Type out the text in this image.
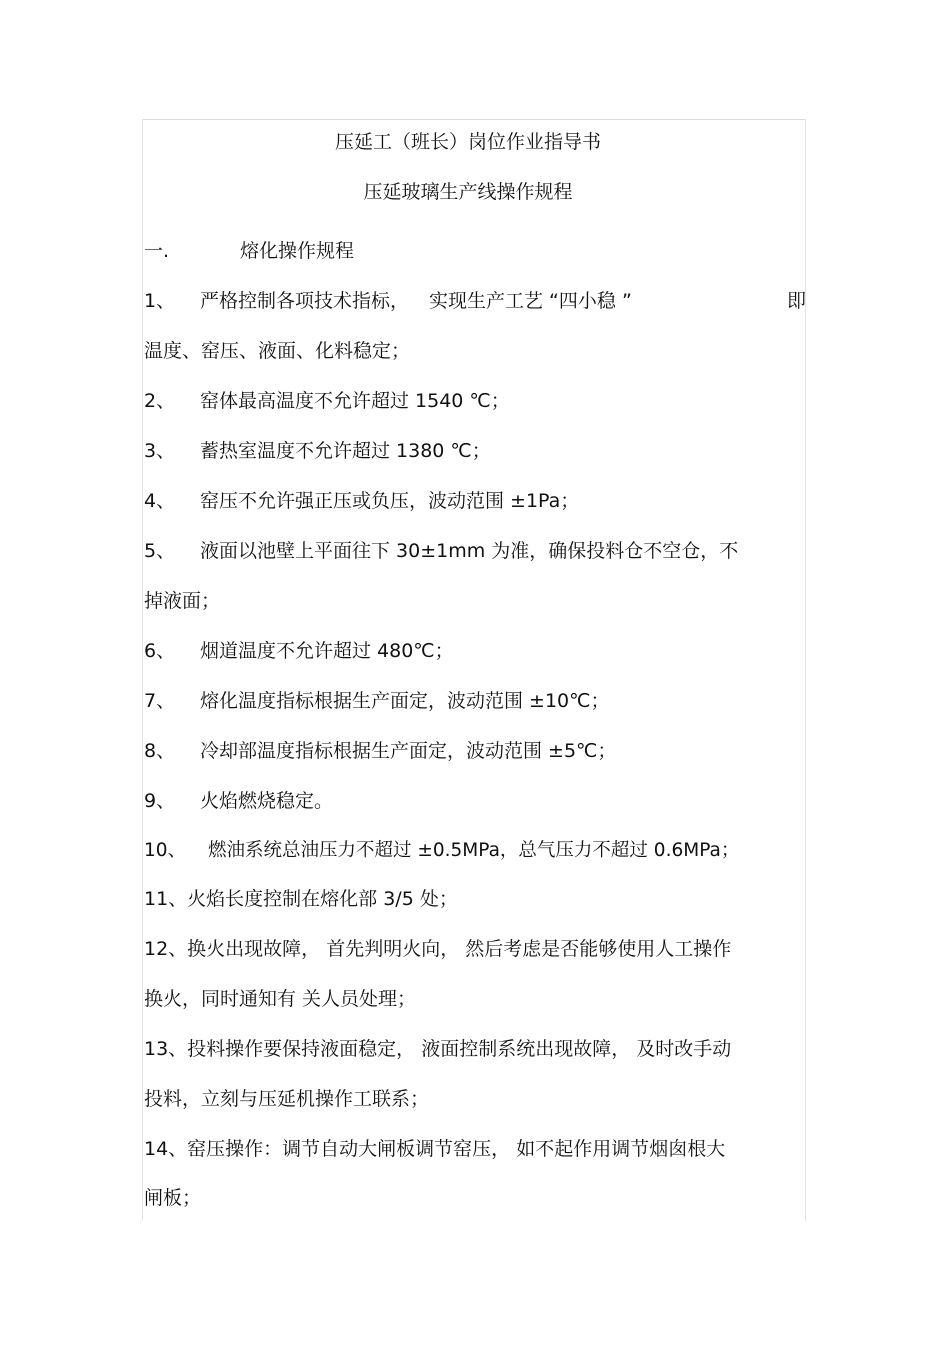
压延工（班长）岗位作业指导书
压延玻璃生产线操作规程
一.	熔化操作规程
1、 严格控制各项技术指标， 实现生产工艺 “四小稳 ”	即
温度、窑压、液面、化料稳定；
2、 窑体最高温度不允许超过 1540 ℃；
3、 蓄热室温度不允许超过 1380 ℃；
4、 窑压不允许强正压或负压，波动范围 ±1Pa；
5、 液面以池壁上平面往下 30±1mm 为准，确保投料仓不空仓，不
掉液面；
6、 烟道温度不允许超过 480℃；
7、 熔化温度指标根据生产面定，波动范围 ±10℃；
8、 冷却部温度指标根据生产面定，波动范围 ±5℃；
9、 火焰燃烧稳定。
10、 燃油系统总油压力不超过 ±0.5MPa，总气压力不超过 0.6MPa；
11、火焰长度控制在熔化部 3/5 处；
12、换火出现故障， 首先判明火向， 然后考虑是否能够使用人工操作
换火，同时通知有 关人员处理；
13、投料操作要保持液面稳定， 液面控制系统出现故障， 及时改手动
投料，立刻与压延机操作工联系；
14、窑压操作：调节自动大闸板调节窑压， 如不起作用调节烟囱根大
闸板；
